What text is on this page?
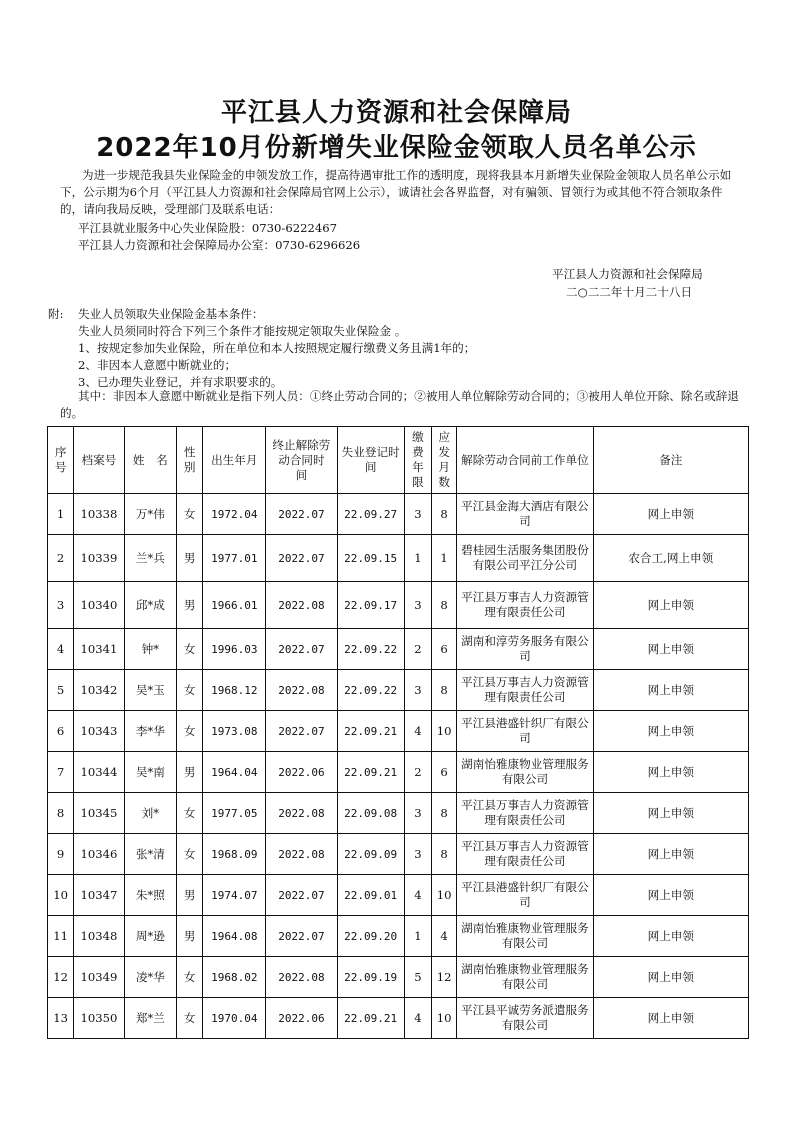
平江县人力资源和社会保障局
2022年10月份新增失业保险金领取人员名单公示
为进一步规范我县失业保险金的申领发放工作，提高待遇审批工作的透明度，现将我县本月新增失业保险金领取人员名单公示如下，公示期为6个月（平江县人力资源和社会保障局官网上公示），诚请社会各界监督，对有骗领、冒领行为或其他不符合领取条件的，请向我局反映，受理部门及联系电话：
平江县就业服务中心失业保险股：0730-6222467
平江县人力资源和社会保障局办公室：0730-6296626
平江县人力资源和社会保障局
二○二二年十月二十八日
附: 失业人员领取失业保险金基本条件：
失业人员须同时符合下列三个条件才能按规定领取失业保险金 。
1、按规定参加失业保险，所在单位和本人按照规定履行缴费义务且满1年的；
2、非因本人意愿中断就业的；
3、已办理失业登记，并有求职要求的。
其中：非因本人意愿中断就业是指下列人员：①终止劳动合同的；②被用人单位解除劳动合同的；③被用人单位开除、除名或辞退的。
序号	档案号	姓　名	性别	出生年月	终止解除劳动合同时　间	失业登记时　间	缴费年限	应发月数	解除劳动合同前工作单位	备注
1	10338	万*伟	女	1972.04	2022.07	22.09.27	3	8	平江县金海大酒店有限公司	网上申领
2	10339	兰*兵	男	1977.01	2022.07	22.09.15	1	1	碧桂园生活服务集团股份有限公司平江分公司	农合工,网上申领
3	10340	邱*成	男	1966.01	2022.08	22.09.17	3	8	平江县万事吉人力资源管理有限责任公司	网上申领
4	10341	钟*	女	1996.03	2022.07	22.09.22	2	6	湖南和淳劳务服务有限公司	网上申领
5	10342	吴*玉	女	1968.12	2022.08	22.09.22	3	8	平江县万事吉人力资源管理有限责任公司	网上申领
6	10343	李*华	女	1973.08	2022.07	22.09.21	4	10	平江县港盛针织厂有限公司	网上申领
7	10344	吴*南	男	1964.04	2022.06	22.09.21	2	6	湖南怡雅康物业管理服务有限公司	网上申领
8	10345	刘*	女	1977.05	2022.08	22.09.08	3	8	平江县万事吉人力资源管理有限责任公司	网上申领
9	10346	张*清	女	1968.09	2022.08	22.09.09	3	8	平江县万事吉人力资源管理有限责任公司	网上申领
10	10347	朱*照	男	1974.07	2022.07	22.09.01	4	10	平江县港盛针织厂有限公司	网上申领
11	10348	周*逊	男	1964.08	2022.07	22.09.20	1	4	湖南怡雅康物业管理服务有限公司	网上申领
12	10349	凌*华	女	1968.02	2022.08	22.09.19	5	12	湖南怡雅康物业管理服务有限公司	网上申领
13	10350	郑*兰	女	1970.04	2022.06	22.09.21	4	10	平江县平诚劳务派遣服务有限公司	网上申领
